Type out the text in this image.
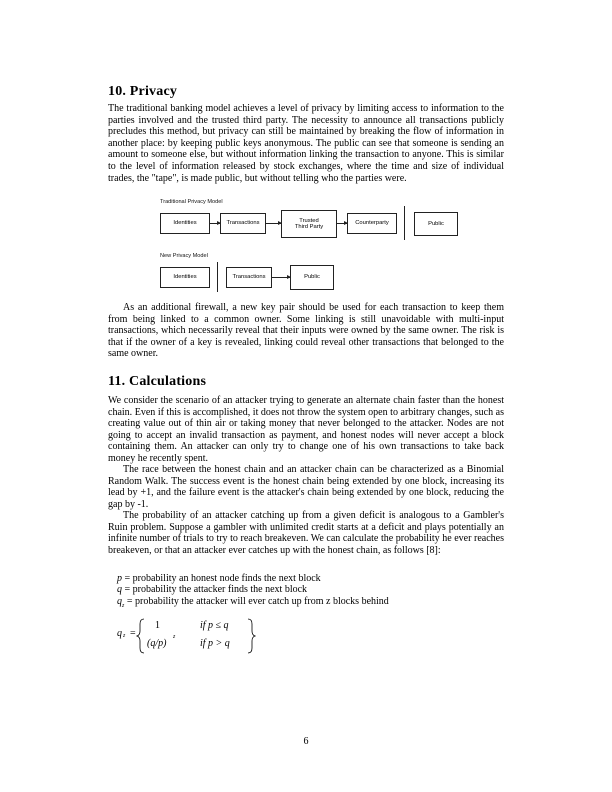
10. Privacy

The traditional banking model achieves a level of privacy by limiting access to information to the parties involved and the trusted third party. The necessity to announce all transactions publicly precludes this method, but privacy can still be maintained by breaking the flow of information in another place: by keeping public keys anonymous. The public can see that someone is sending an amount to someone else, but without information linking the transaction to anyone. This is similar to the level of information released by stock exchanges, where the time and size of individual trades, the "tape", is made public, but without telling who the parties were.

Traditional Privacy Model
Identities	Transactions	Trusted
Third Party
Counterparty	Public
New Privacy Model
Identities	Transactions	Public

As an additional firewall, a new key pair should be used for each transaction to keep them from being linked to a common owner. Some linking is still unavoidable with multi-input transactions, which necessarily reveal that their inputs were owned by the same owner. The risk is that if the owner of a key is revealed, linking could reveal other transactions that belonged to the same owner.

11. Calculations

We consider the scenario of an attacker trying to generate an alternate chain faster than the honest chain. Even if this is accomplished, it does not throw the system open to arbitrary changes, such as creating value out of thin air or taking money that never belonged to the attacker. Nodes are not going to accept an invalid transaction as payment, and honest nodes will never accept a block containing them. An attacker can only try to change one of his own transactions to take back money he recently spent.

The race between the honest chain and an attacker chain can be characterized as a Binomial Random Walk. The success event is the honest chain being extended by one block, increasing its lead by +1, and the failure event is the attacker's chain being extended by one block, reducing the gap by -1.

The probability of an attacker catching up from a given deficit is analogous to a Gambler's Ruin problem. Suppose a gambler with unlimited credit starts at a deficit and plays potentially an infinite number of trials to try to reach breakeven. We can calculate the probability he ever reaches breakeven, or that an attacker ever catches up with the honest chain, as follows [8]:

p = probability an honest node finds the next block
q = probability the attacker finds the next block
$q_z$ = probability the attacker will ever catch up from z blocks behind
q z =
1	if p ≤ q
(q/p)
z
if p > q
6
